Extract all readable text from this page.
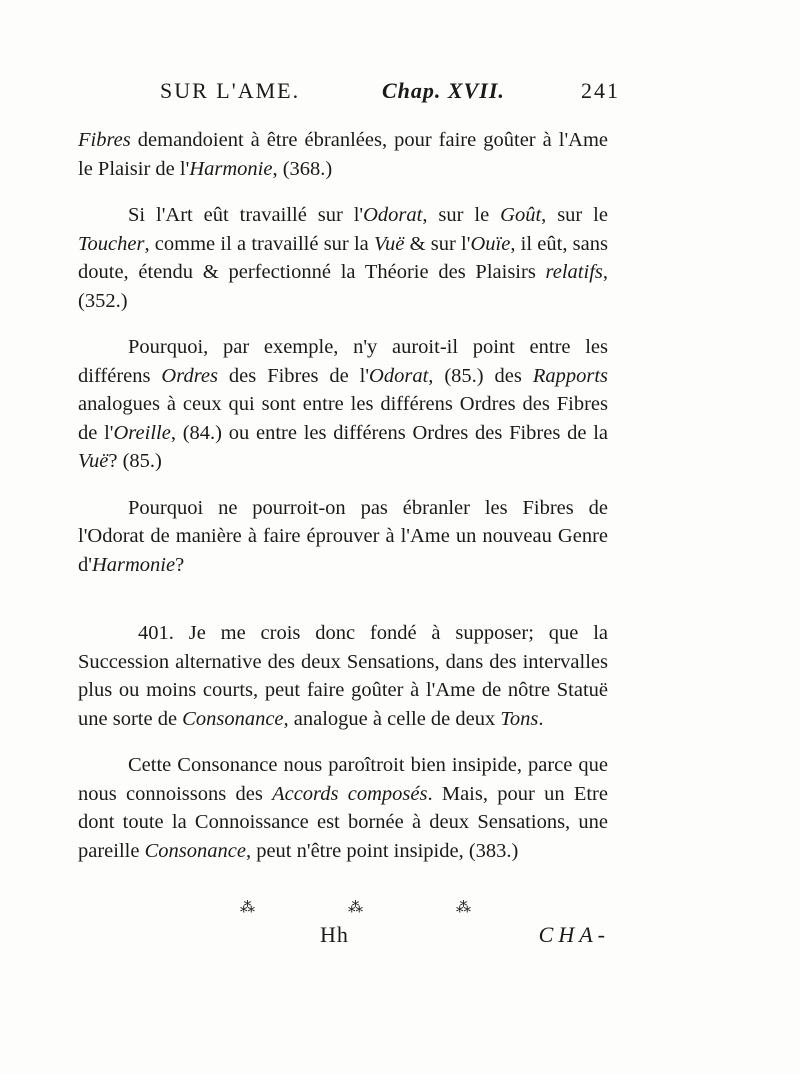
SUR L'AME.	Chap. XVII.	241

Fibres demandoient à être ébranlées, pour faire goûter à l'Ame le Plaisir de l'Harmonie, (368.)

Si l'Art eût travaillé sur l'Odorat, sur le Goût, sur le Toucher, comme il a travaillé sur la Vuë & sur l'Ouïe, il eût, sans doute, étendu & perfectionné la Théorie des Plaisirs relatifs, (352.)

Pourquoi, par exemple, n'y auroit-il point entre les différens Ordres des Fibres de l'Odorat, (85.) des Rapports analogues à ceux qui sont entre les différens Ordres des Fibres de l'Oreille, (84.) ou entre les différens Ordres des Fibres de la Vuë? (85.)

Pourquoi ne pourroit-on pas ébranler les Fibres de l'Odorat de manière à faire éprouver à l'Ame un nouveau Genre d'Harmonie?

401. Je me crois donc fondé à supposer; que la Succession alternative des deux Sensations, dans des intervalles plus ou moins courts, peut faire goûter à l'Ame de nôtre Statuë une sorte de Consonance, analogue à celle de deux Tons.

Cette Consonance nous paroîtroit bien insipide, parce que nous connoissons des Accords composés. Mais, pour un Etre dont toute la Connoissance est bornée à deux Sensations, une pareille Consonance, peut n'être point insipide, (383.)

⁂	⁂	⁂
Hh	CHA-
